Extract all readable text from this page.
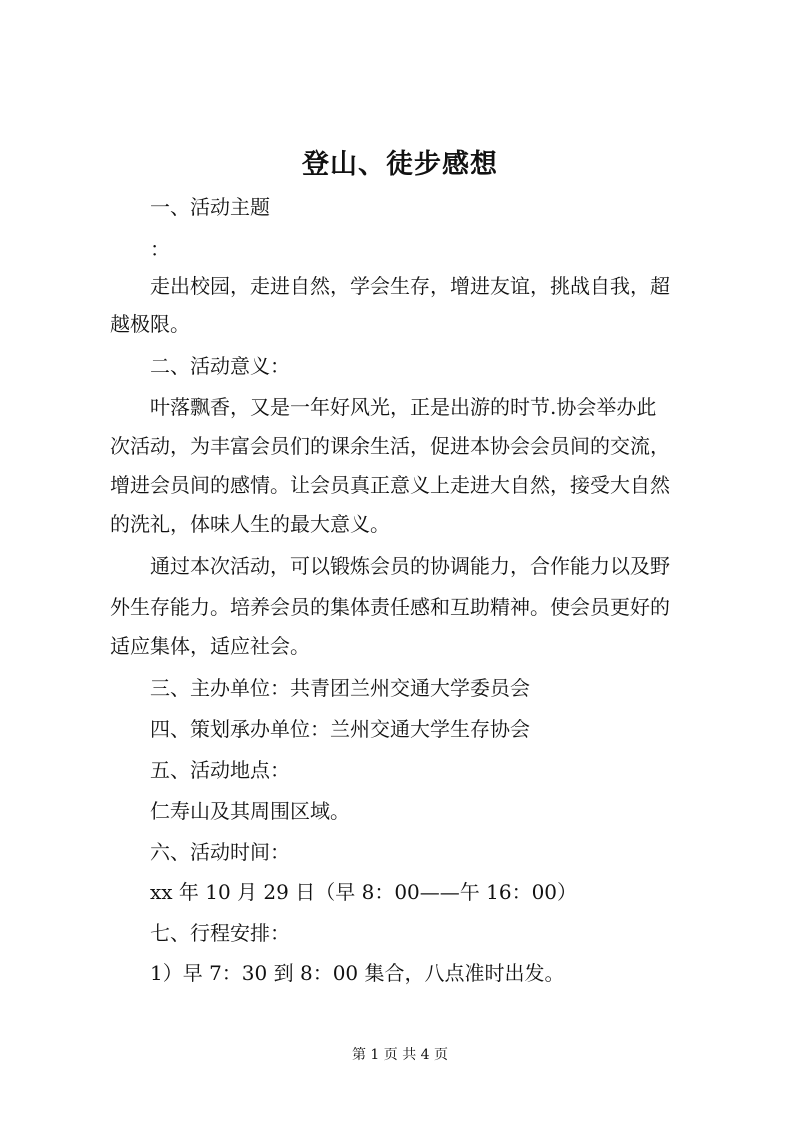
登山、徒步感想
一、活动主题
：
走出校园，走进自然，学会生存，增进友谊，挑战自我，超
越极限。
二、活动意义：
叶落飘香，又是一年好风光，正是出游的时节.协会举办此
次活动，为丰富会员们的课余生活，促进本协会会员间的交流，
增进会员间的感情。让会员真正意义上走进大自然，接受大自然
的洗礼，体味人生的最大意义。
通过本次活动，可以锻炼会员的协调能力，合作能力以及野
外生存能力。培养会员的集体责任感和互助精神。使会员更好的
适应集体，适应社会。
三、主办单位：共青团兰州交通大学委员会
四、策划承办单位：兰州交通大学生存协会
五、活动地点：
仁寿山及其周围区域。
六、活动时间：
xx 年 10 月 29 日（早 8：00——午 16：00）
七、行程安排：
1）早 7：30 到 8：00 集合，八点准时出发。
第 1 页 共 4 页
